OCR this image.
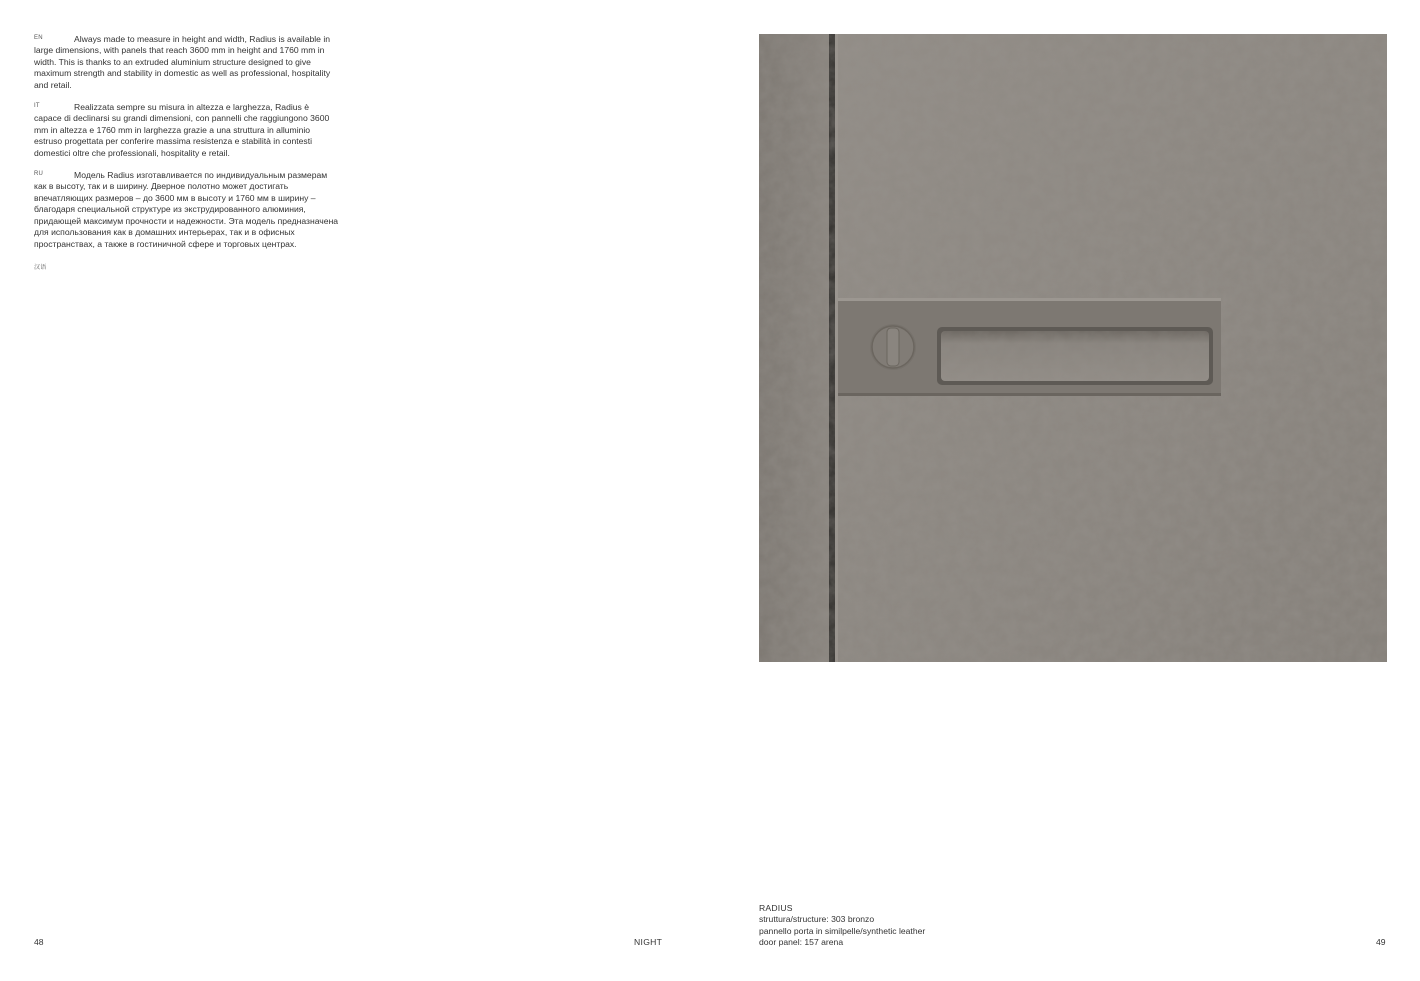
EN	Always made to measure in height and width, Radius is available in large dimensions, with panels that reach 3600 mm in height and 1760 mm in width. This is thanks to an extruded aluminium structure designed to give maximum strength and stability in domestic as well as professional, hospitality and retail.

IT	Realizzata sempre su misura in altezza e larghezza, Radius è capace di declinarsi su grandi dimensioni, con pannelli che raggiungono 3600 mm in altezza e 1760 mm in larghezza grazie a una struttura in alluminio estruso progettata per conferire massima resistenza e stabilità in contesti domestici oltre che professionali, hospitality e retail.

RU	Модель Radius изготавливается по индивидуальным размерам как в высоту, так и в ширину. Дверное полотно может достигать впечатляющих размеров – до 3600 мм в высоту и 1760 мм в ширину – благодаря специальной структуре из экструдированного алюминия, придающей максимум прочности и надежности. Эта модель предназначена для использования как в домашних интерьерах, так и в офисных пространствах, а также в гостиничной сфере и торговых центрах.

汉语

RADIUS
struttura/structure: 303 bronzo
pannello porta in similpelle/synthetic leather
door panel: 157 arena
48	NIGHT	49
